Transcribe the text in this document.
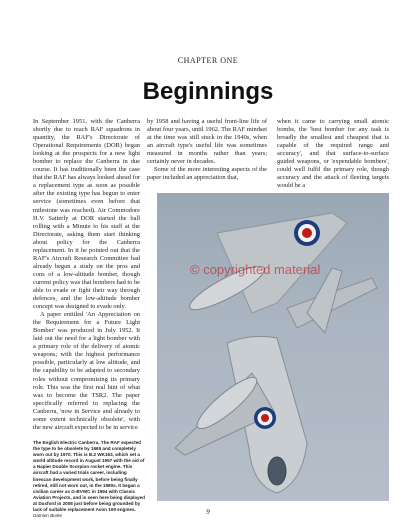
CHAPTER ONE
Beginnings

In September 1951, with the Canberra shortly due to reach RAF squadrons in quantity, the RAF's Directorate of Operational Requirements (DOR) began looking at the prospects for a new light bomber to replace the Canberra in due course. It has traditionally been the case that the RAF has always looked ahead for a replacement type as soon as possible after the existing type has begun to enter service (sometimes even before that milestone was reached). Air Commodore H.V. Satterly at DOR started the ball rolling with a Minute to his staff at the Directorate, asking them start thinking about policy for the Canberra replacement. In it he pointed out that the RAF's Aircraft Research Committee had already begun a study on the pros and cons of a low-altitude bomber, though current policy was that bombers had to be able to evade or fight their way through defences, and the low-altitude bomber concept was designed to evade only.

A paper entitled 'An Appreciation on the Requirement for a Future Light Bomber' was produced in July 1952. It laid out the need for a light bomber with a primary role of the delivery of atomic weapons; with the highest performance possible, particularly at low altitude, and the capability to be adapted to secondary roles without compromising its primary role. This was the first real hint of what was to become the TSR2. The paper specifically referred to replacing the Canberra, 'now in Service and already to some extent technically obsolete', with the new aircraft expected to be in service

by 1958 and having a useful front-line life of about four years, until 1962. The RAF mindset at the time was still stuck in the 1940s, when an aircraft type's useful life was sometimes measured in months rather than years; certainly never in decades.

Some of the more interesting aspects of the paper included an appreciation that,

when it came to carrying small atomic bombs, the 'best bomber for any task is broadly the smallest and cheapest that is capable of the required range and accuracy', and that surface-to-surface guided weapons, or 'expendable bombers', could well fulfil the primary role, though accuracy and the attack of fleeting targets would be a

© copyrighted material
The English Electric Canberra. The RAF expected the type to be obsolete by 1965 and completely worn out by 1970. This is B.2 WK163, which set a world altitude record in August 1957 with the aid of a Napier Double Scorpion rocket engine. This aircraft had a varied trials career, including linescan development work, before being finally retired, still not worn out, in the 1980s. It began a civilian career as G-BVWC in 1994 with Classic Aviation Projects, and is seen here being displayed at Duxford in 2008 just before being grounded by lack of suitable replacement Avon 109 engines. Damien Burke	9
